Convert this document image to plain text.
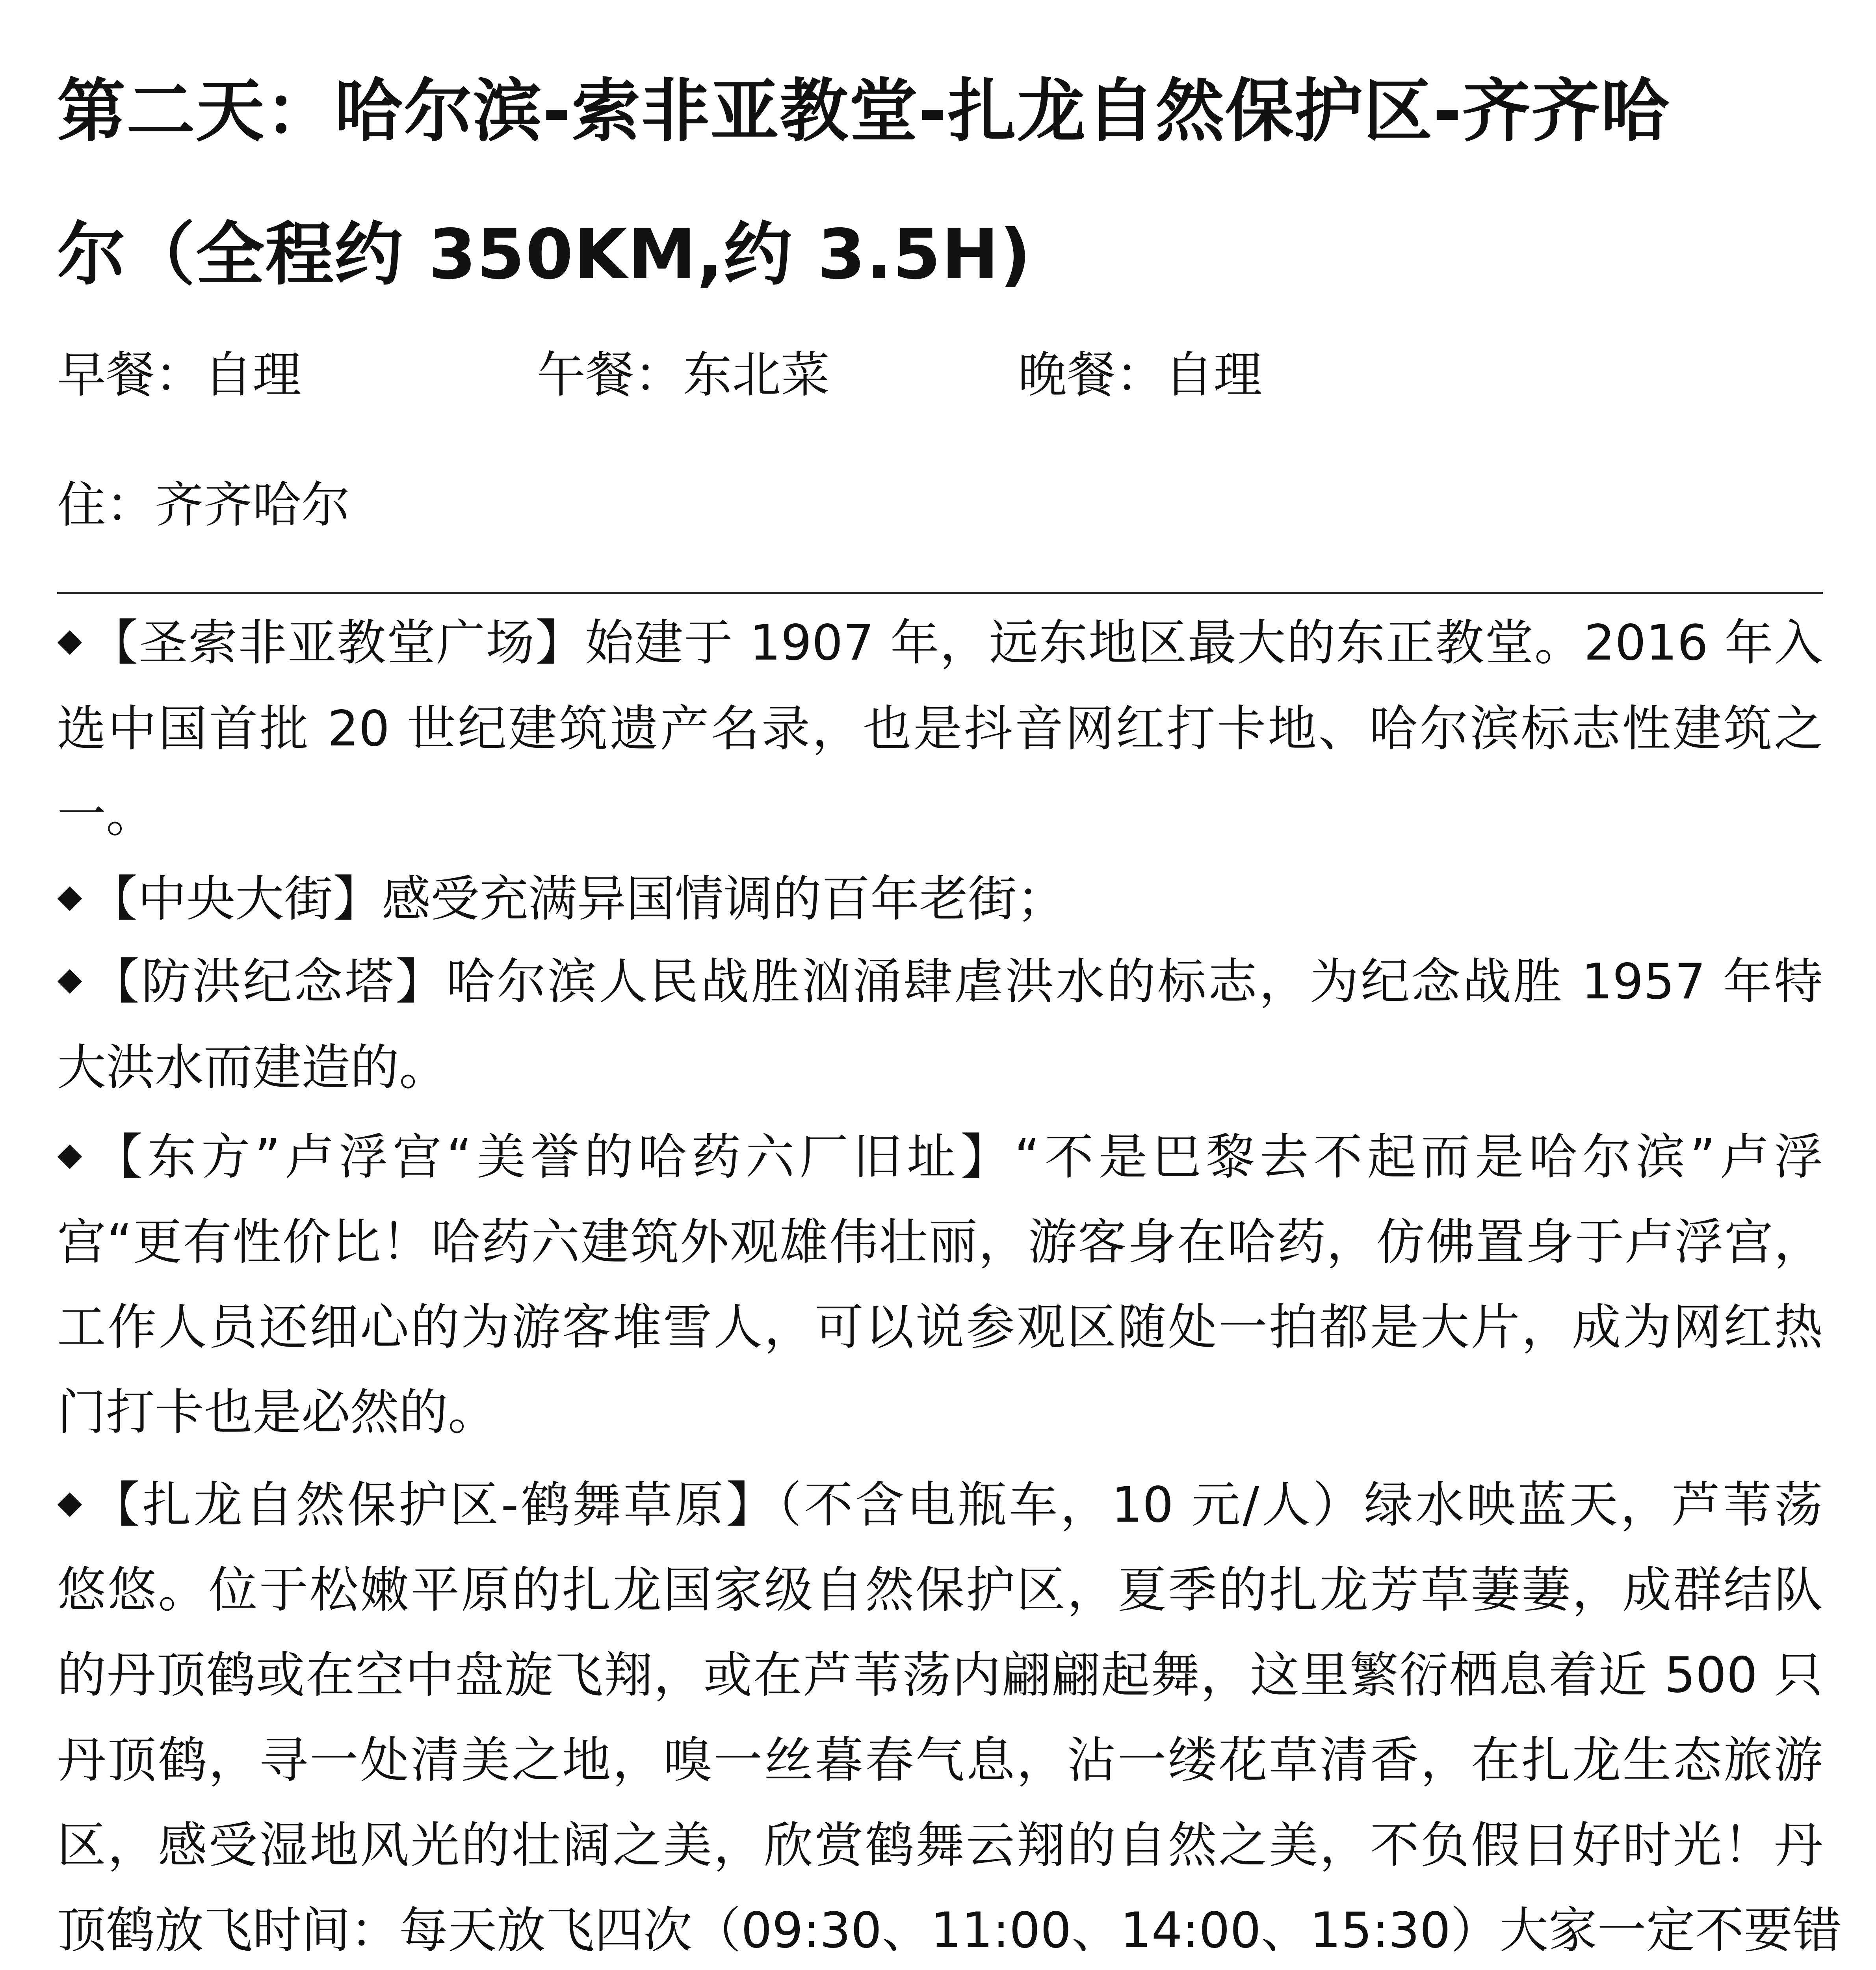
第二天：哈尔滨-索非亚教堂-扎龙自然保护区-齐齐哈
尔（全程约 350KM,约 3.5H)
早餐：自理	午餐：东北菜	晚餐：自理
住：齐齐哈尔
【圣索非亚教堂广场】始建于 1907 年，远东地区最大的东正教堂。2016 年入
选中国首批 20 世纪建筑遗产名录，也是抖音网红打卡地、哈尔滨标志性建筑之
一。
【中央大街】感受充满异国情调的百年老街；
【防洪纪念塔】哈尔滨人民战胜汹涌肆虐洪水的标志，为纪念战胜 1957 年特
大洪水而建造的。
【东方”卢浮宫“美誉的哈药六厂旧址】“不是巴黎去不起而是哈尔滨”卢浮
宫“更有性价比！哈药六建筑外观雄伟壮丽，游客身在哈药，仿佛置身于卢浮宫，
工作人员还细心的为游客堆雪人，可以说参观区随处一拍都是大片，成为网红热
门打卡也是必然的。
【扎龙自然保护区-鹤舞草原】（不含电瓶车，10 元/人）绿水映蓝天，芦苇荡
悠悠。位于松嫩平原的扎龙国家级自然保护区，夏季的扎龙芳草萋萋，成群结队
的丹顶鹤或在空中盘旋飞翔，或在芦苇荡内翩翩起舞，这里繁衍栖息着近 500 只
丹顶鹤，寻一处清美之地，嗅一丝暮春气息，沾一缕花草清香，在扎龙生态旅游
区，感受湿地风光的壮阔之美，欣赏鹤舞云翔的自然之美，不负假日好时光！丹
顶鹤放飞时间：每天放飞四次（09:30、11:00、14:00、15:30）大家一定不要错
